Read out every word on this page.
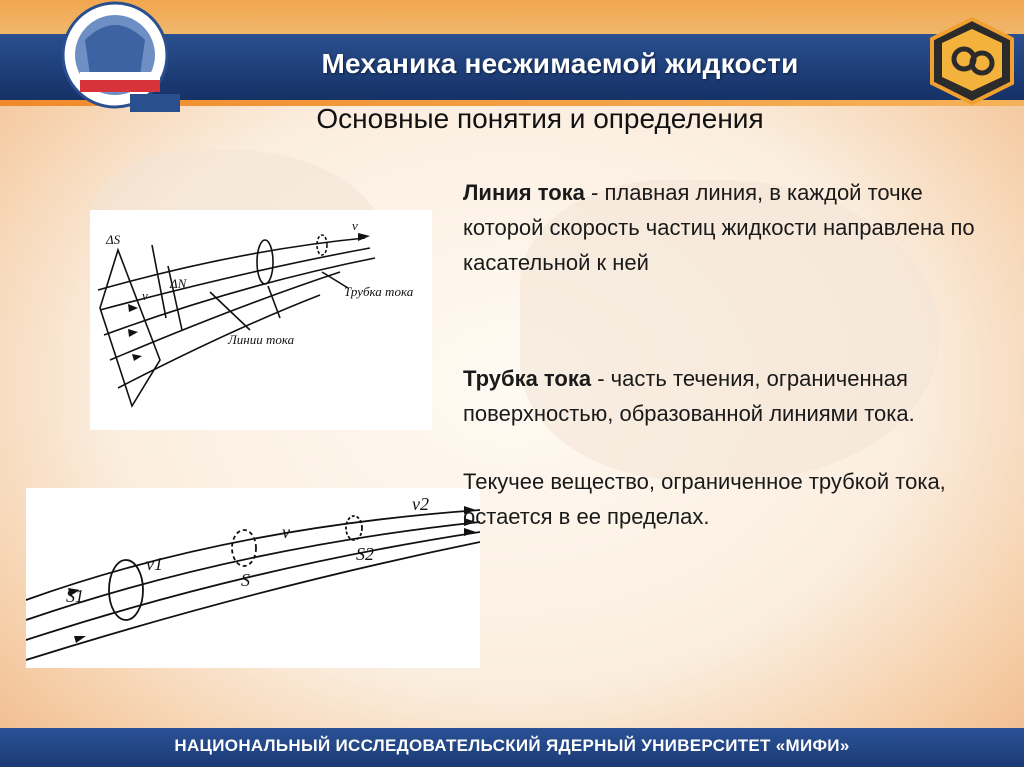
Механика несжимаемой жидкости
Основные понятия и определения
ΔS
ΔN
v
v
Трубка тока
Линии тока
S1
S
S2
v1
v
v2
Линия тока - плавная линия, в каждой точке которой скорость частиц жидкости направлена по касательной к ней
Трубка тока - часть течения, ограниченная поверхностью, образованной линиями тока.
Текучее вещество, ограниченное трубкой тока, остается в ее пределах.
НАЦИОНАЛЬНЫЙ ИССЛЕДОВАТЕЛЬСКИЙ ЯДЕРНЫЙ УНИВЕРСИТЕТ «МИФИ»
